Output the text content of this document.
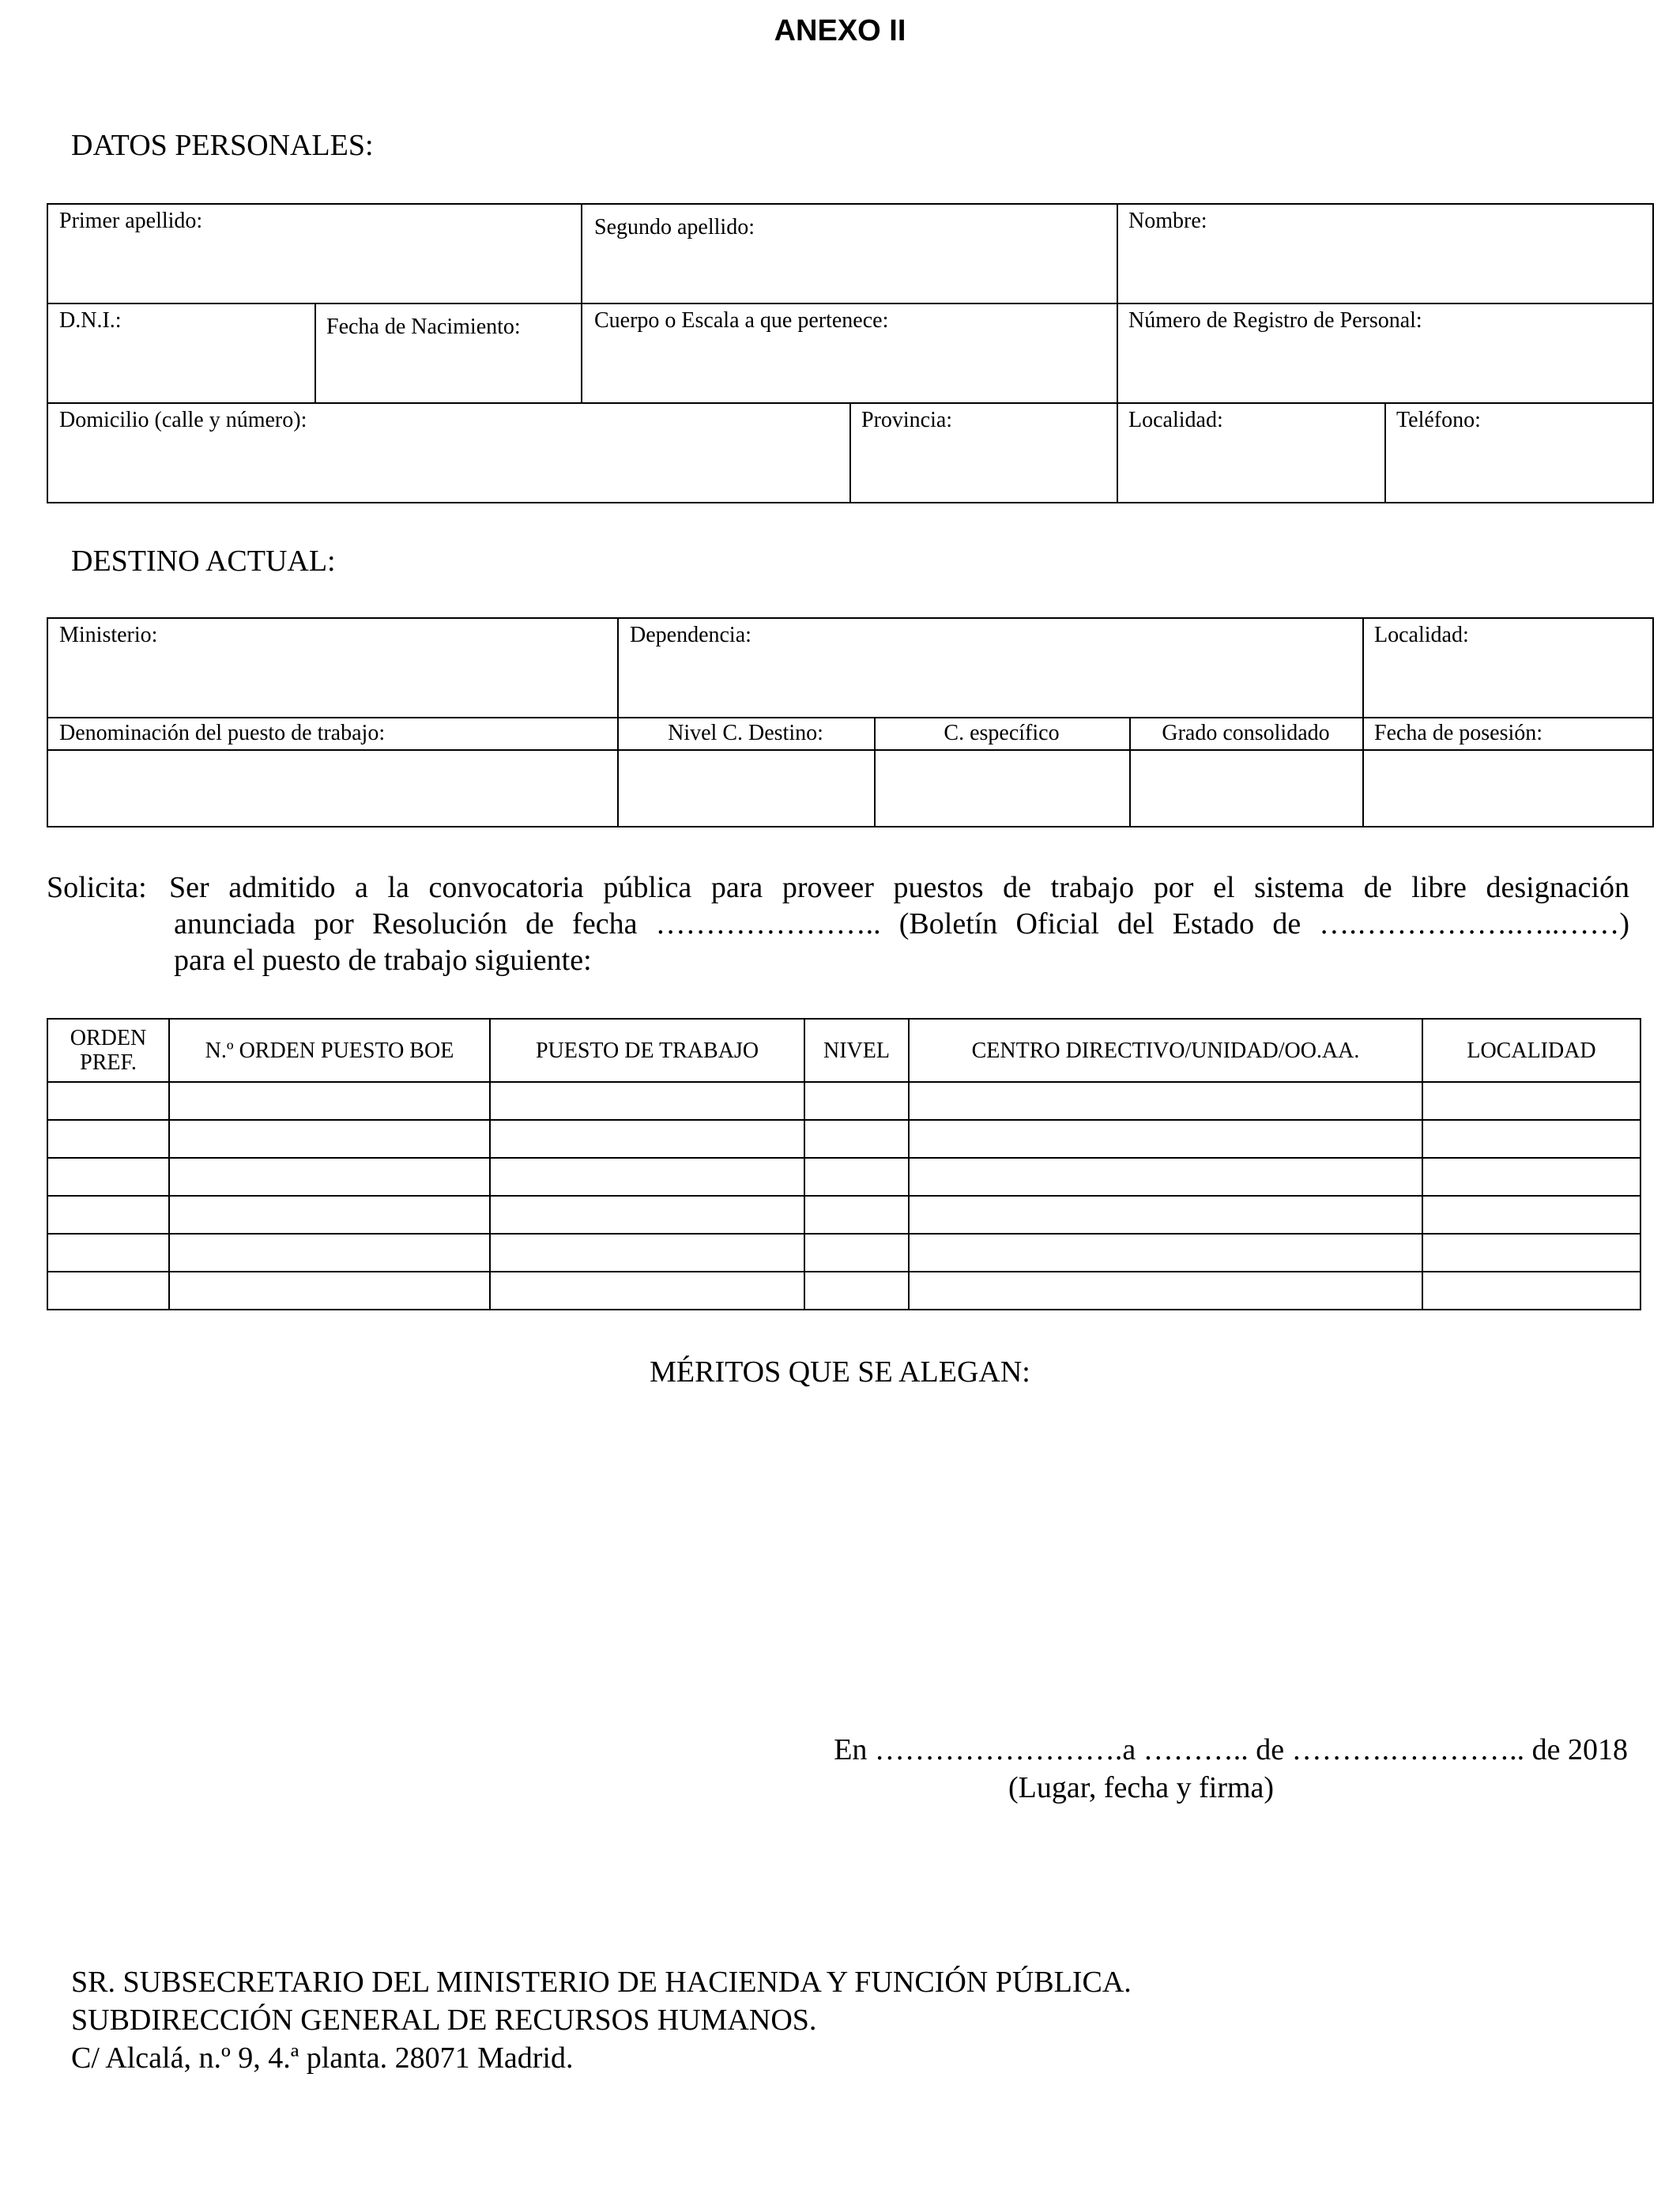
ANEXO II
DATOS PERSONALES:
Primer apellido:	Segundo apellido:	Nombre:
D.N.I.:	Fecha de Nacimiento:	Cuerpo o Escala a que pertenece:	Número de Registro de Personal:
Domicilio (calle y número):	Provincia:	Localidad:	Teléfono:
DESTINO ACTUAL:
Ministerio:	Dependencia:	Localidad:
Denominación del puesto de trabajo:	Nivel C. Destino:	C. específico	Grado consolidado	Fecha de posesión:
Solicita: Ser admitido a la convocatoria pública para proveer puestos de trabajo por el sistema de libre designación
anunciada por Resolución de fecha ………………….. (Boletín Oficial del Estado de ….…………….…..……)
para el puesto de trabajo siguiente:
ORDEN PREF.	N.º ORDEN PUESTO BOE	PUESTO DE TRABAJO	NIVEL	CENTRO DIRECTIVO/UNIDAD/OO.AA.	LOCALIDAD

MÉRITOS QUE SE ALEGAN:
En …………………….a ……….. de ……….………….. de 2018
(Lugar, fecha y firma)
SR. SUBSECRETARIO DEL MINISTERIO DE HACIENDA Y FUNCIÓN PÚBLICA.
SUBDIRECCIÓN GENERAL DE RECURSOS HUMANOS.
C/ Alcalá, n.º 9, 4.ª planta. 28071 Madrid.
